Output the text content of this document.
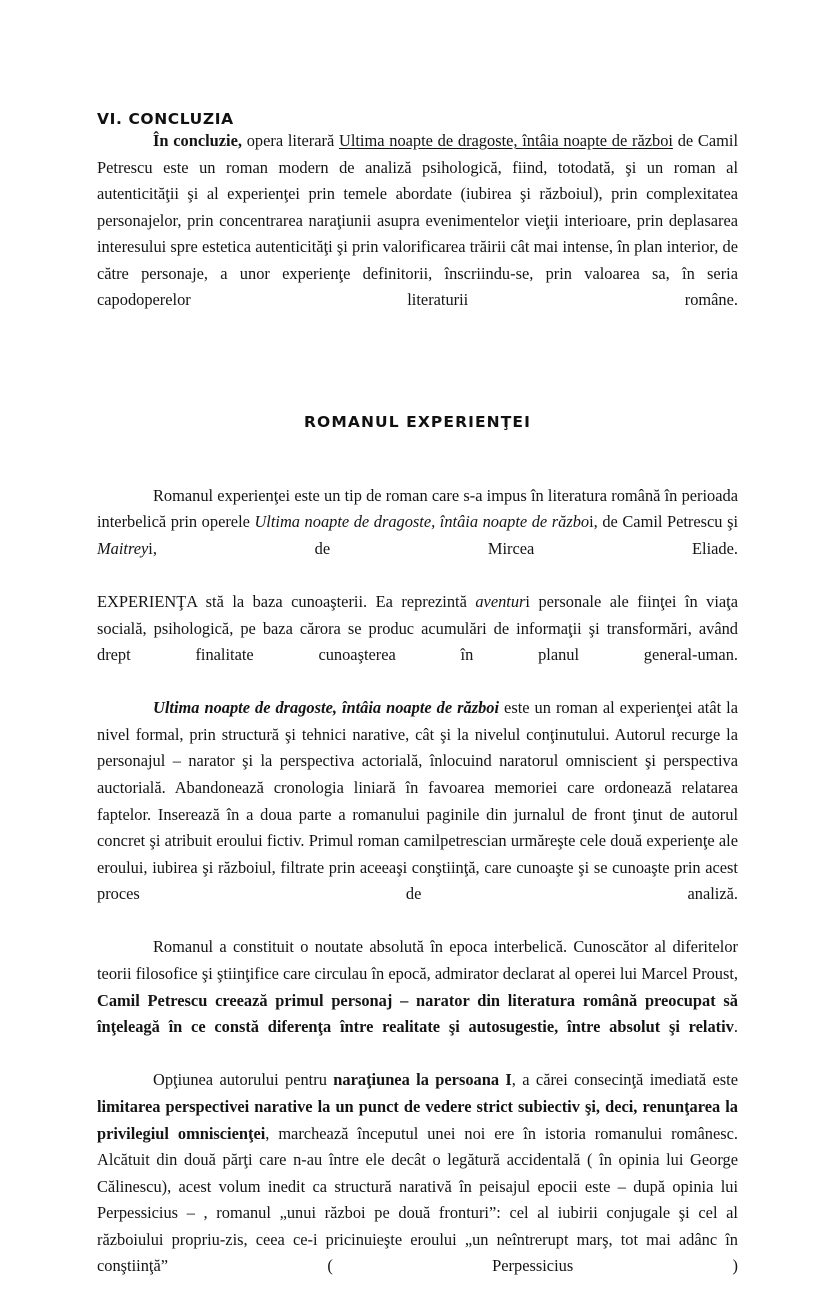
VI. CONCLUZIA

În concluzie, opera literară Ultima noapte de dragoste, întâia noapte de război de Camil Petrescu este un roman modern de analiză psihologică, fiind, totodată, şi un roman al autenticităţii şi al experienţei prin temele abordate (iubirea şi războiul), prin complexitatea personajelor, prin concentrarea naraţiunii asupra evenimentelor vieţii interioare, prin deplasarea interesului spre estetica autenticităţi şi prin valorificarea trăirii cât mai intense, în plan interior, de către personaje, a unor experienţe definitorii, înscriindu-se, prin valoarea sa, în seria capodoperelor literaturii române.

ROMANUL EXPERIENŢEI

Romanul experienţei este un tip de roman care s-a impus în literatura română în perioada interbelică prin operele Ultima noapte de dragoste, întâia noapte de război, de Camil Petrescu şi Maitreyi, de Mircea Eliade.

EXPERIENŢA stă la baza cunoaşterii. Ea reprezintă aventuri personale ale fiinţei în viaţa socială, psihologică, pe baza cărora se produc acumulări de informaţii şi transformări, având drept finalitate cunoaşterea în planul general-uman.

Ultima noapte de dragoste, întâia noapte de război este un roman al experienţei atât la nivel formal, prin structură şi tehnici narative, cât şi la nivelul conţinutului. Autorul recurge la personajul – narator şi la perspectiva actorială, înlocuind naratorul omniscient şi perspectiva auctorială. Abandonează cronologia liniară în favoarea memoriei care ordonează relatarea faptelor. Inserează în a doua parte a romanului paginile din jurnalul de front ţinut de autorul concret şi atribuit eroului fictiv. Primul roman camilpetrescian urmăreşte cele două experienţe ale eroului, iubirea şi războiul, filtrate prin aceeaşi conştiinţă, care cunoaşte şi se cunoaşte prin acest proces de analiză.

Romanul a constituit o noutate absolută în epoca interbelică. Cunoscător al diferitelor teorii filosofice şi ştiinţifice care circulau în epocă, admirator declarat al operei lui Marcel Proust, Camil Petrescu creează primul personaj – narator din literatura română preocupat să înţeleagă în ce constă diferenţa între realitate şi autosugestie, între absolut şi relativ.

Opţiunea autorului pentru naraţiunea la persoana I, a cărei consecinţă imediată este limitarea perspectivei narative la un punct de vedere strict subiectiv şi, deci, renunţarea la privilegiul omniscienţei, marchează începutul unei noi ere în istoria romanului românesc. Alcătuit din două părţi care n-au între ele decât o legătură accidentală ( în opinia lui George Călinescu), acest volum inedit ca structură narativă în peisajul epocii este – după opinia lui Perpessicius – , romanul „unui război pe două fronturi”: cel al iubirii conjugale şi cel al războiului propriu-zis, ceea ce-i pricinuieşte eroului „un neîntrerupt marş, tot mai adânc în conştiinţă” ( Perpessicius )
